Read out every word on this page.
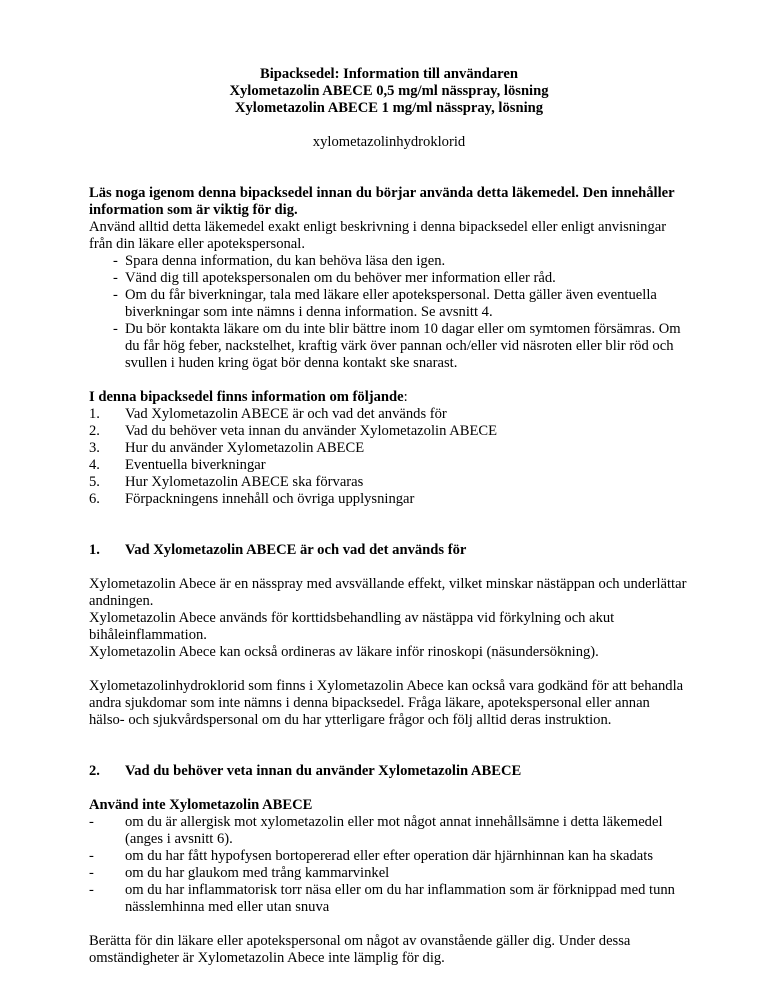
Bipacksedel: Information till användaren
Xylometazolin ABECE 0,5 mg/ml nässpray, lösning
Xylometazolin ABECE 1 mg/ml nässpray, lösning
xylometazolinhydroklorid

Läs noga igenom denna bipacksedel innan du börjar använda detta läkemedel. Den innehåller information som är viktig för dig.

Använd alltid detta läkemedel exakt enligt beskrivning i denna bipacksedel eller enligt anvisningar från din läkare eller apotekspersonal.

- Spara denna information, du kan behöva läsa den igen.
- Vänd dig till apotekspersonalen om du behöver mer information eller råd.
- Om du får biverkningar, tala med läkare eller apotekspersonal. Detta gäller även eventuella biverkningar som inte nämns i denna information. Se avsnitt 4.
- Du bör kontakta läkare om du inte blir bättre inom 10 dagar eller om symtomen försämras. Om du får hög feber, nackstelhet, kraftig värk över pannan och/eller vid näsroten eller blir röd och svullen i huden kring ögat bör denna kontakt ske snarast.

I denna bipacksedel finns information om följande:

1. Vad Xylometazolin ABECE är och vad det används för
2. Vad du behöver veta innan du använder Xylometazolin ABECE
3. Hur du använder Xylometazolin ABECE
4. Eventuella biverkningar
5. Hur Xylometazolin ABECE ska förvaras
6. Förpackningens innehåll och övriga upplysningar
1. Vad Xylometazolin ABECE är och vad det används för

Xylometazolin Abece är en nässpray med avsvällande effekt, vilket minskar nästäppan och underlättar andningen.

Xylometazolin Abece används för korttidsbehandling av nästäppa vid förkylning och akut bihåleinflammation.

Xylometazolin Abece kan också ordineras av läkare inför rinoskopi (näsundersökning).

Xylometazolinhydroklorid som finns i Xylometazolin Abece kan också vara godkänd för att behandla andra sjukdomar som inte nämns i denna bipacksedel. Fråga läkare, apotekspersonal eller annan hälso- och sjukvårdspersonal om du har ytterligare frågor och följ alltid deras instruktion.

2. Vad du behöver veta innan du använder Xylometazolin ABECE

Använd inte Xylometazolin ABECE

- om du är allergisk mot xylometazolin eller mot något annat innehållsämne i detta läkemedel (anges i avsnitt 6).
- om du har fått hypofysen bortopererad eller efter operation där hjärnhinnan kan ha skadats
- om du har glaukom med trång kammarvinkel
- om du har inflammatorisk torr näsa eller om du har inflammation som är förknippad med tunn nässlemhinna med eller utan snuva

Berätta för din läkare eller apotekspersonal om något av ovanstående gäller dig. Under dessa omständigheter är Xylometazolin Abece inte lämplig för dig.
